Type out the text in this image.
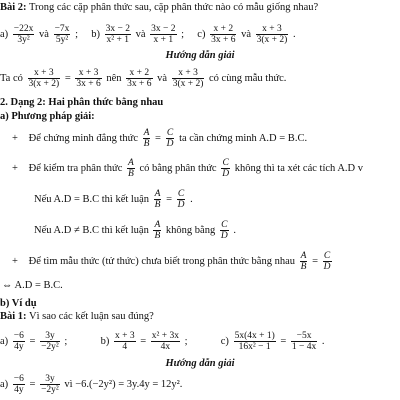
Bài 2: Trong các cặp phân thức sau, cặp phân thức nào có mẫu giống nhau?
$a) \frac{-22x}{\text{3y²}}$ và $\frac{-7x}{\text{5y²}}$ ; $b) \frac{3x - 2}{\text{x² + 1}}$ và $\frac{3x - 2}{x + 1}$ ; $c) \frac{x + 2}{3x + 6}$ và $\frac{x + 3}{3(x + 2)}$ .
Hướng dẫn giải
Ta có $\frac{x + 3}{3(x + 2)} = \frac{x + 3}{3x + 6}$ nên $\frac{x + 2}{3x + 6}$ và $\frac{x + 3}{3(x + 2)}$ có cùng mẫu thức.
2. Dạng 2: Hai phân thức bằng nhau
a) Phương pháp giải:
+ Để chứng minh đẳng thức $\frac{A}{B} = \frac{C}{D}$ ta cần chứng minh A.D = B.C.
+ Để kiểm tra phân thức $\frac{A}{B}$ có bằng phân thức $\frac{C}{D}$ không thì ta xét các tích A.D v
Nếu A.D = B.C thì kết luận $\frac{A}{B} = \frac{C}{D}$ .
Nếu A.D ≠ B.C thì kết luận $\frac{A}{B}$ không bằng $\frac{C}{D}$ .
+ Để tìm mẫu thức (tử thức) chưa biết trong phân thức bằng nhau $\frac{A}{B} = \frac{C}{D}$
⇔ A.D = B.C.
b) Ví dụ
Bài 1: Vì sao các kết luận sau đúng?
$a) \frac{-6}{4y} = \frac{3y}{\text{−2y²}}$ ;	$b) \frac{x + 3}{4} = \frac{\text{x² + 3x}}{4x}$ ;	$c) \frac{5x(4x + 1)}{\text{16x² − 1}} = \frac{-5x}{1 - 4x}$ .
Hướng dẫn giải
$a) \frac{-6}{4y} = \frac{3y}{\text{−2y²}}$ vì −6.(−2y²) = 3y.4y = 12y².
